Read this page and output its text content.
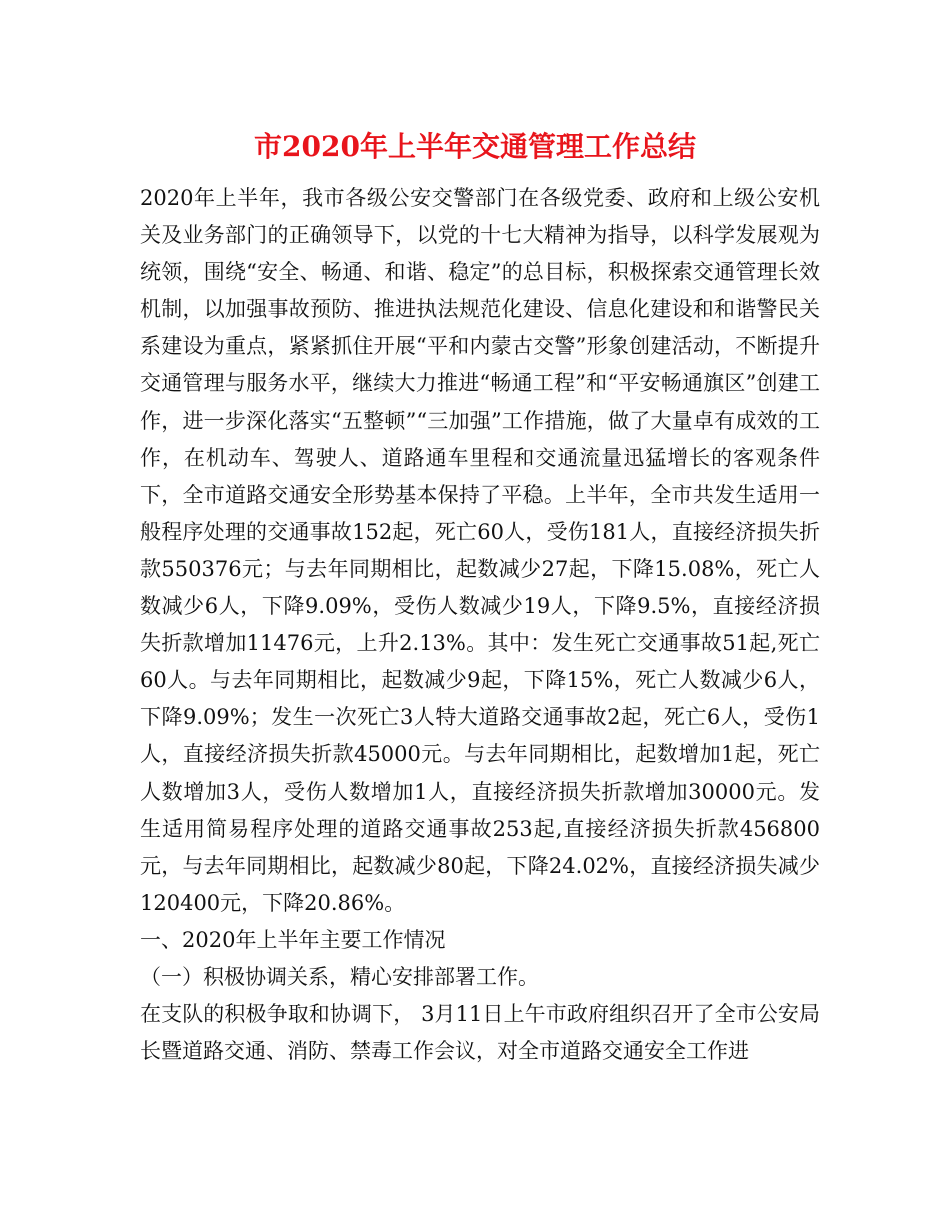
市2020年上半年交通管理工作总结

2020年上半年，我市各级公安交警部门在各级党委、政府和上级公安机关及业务部门的正确领导下，以党的十七大精神为指导，以科学发展观为统领，围绕“安全、畅通、和谐、稳定”的总目标，积极探索交通管理长效机制，以加强事故预防、推进执法规范化建设、信息化建设和和谐警民关系建设为重点，紧紧抓住开展“平和内蒙古交警”形象创建活动，不断提升交通管理与服务水平，继续大力推进“畅通工程”和“平安畅通旗区”创建工作，进一步深化落实“五整顿”“三加强”工作措施，做了大量卓有成效的工作，在机动车、驾驶人、道路通车里程和交通流量迅猛增长的客观条件下，全市道路交通安全形势基本保持了平稳。上半年，全市共发生适用一般程序处理的交通事故152起，死亡60人，受伤181人，直接经济损失折款550376元；与去年同期相比，起数减少27起，下降15.08%，死亡人数减少6人，下降9.09%，受伤人数减少19人，下降9.5%，直接经济损失折款增加11476元，上升2.13%。其中：发生死亡交通事故51起,死亡60人。与去年同期相比，起数减少9起，下降15%，死亡人数减少6人，下降9.09%；发生一次死亡3人特大道路交通事故2起，死亡6人，受伤1人，直接经济损失折款45000元。与去年同期相比，起数增加1起，死亡人数增加3人，受伤人数增加1人，直接经济损失折款增加30000元。发生适用简易程序处理的道路交通事故253起,直接经济损失折款456800元，与去年同期相比，起数减少80起，下降24.02%，直接经济损失减少120400元，下降20.86%。

一、2020年上半年主要工作情况

（一）积极协调关系，精心安排部署工作。

在支队的积极争取和协调下， 3月11日上午市政府组织召开了全市公安局长暨道路交通、消防、禁毒工作会议，对全市道路交通安全工作进
